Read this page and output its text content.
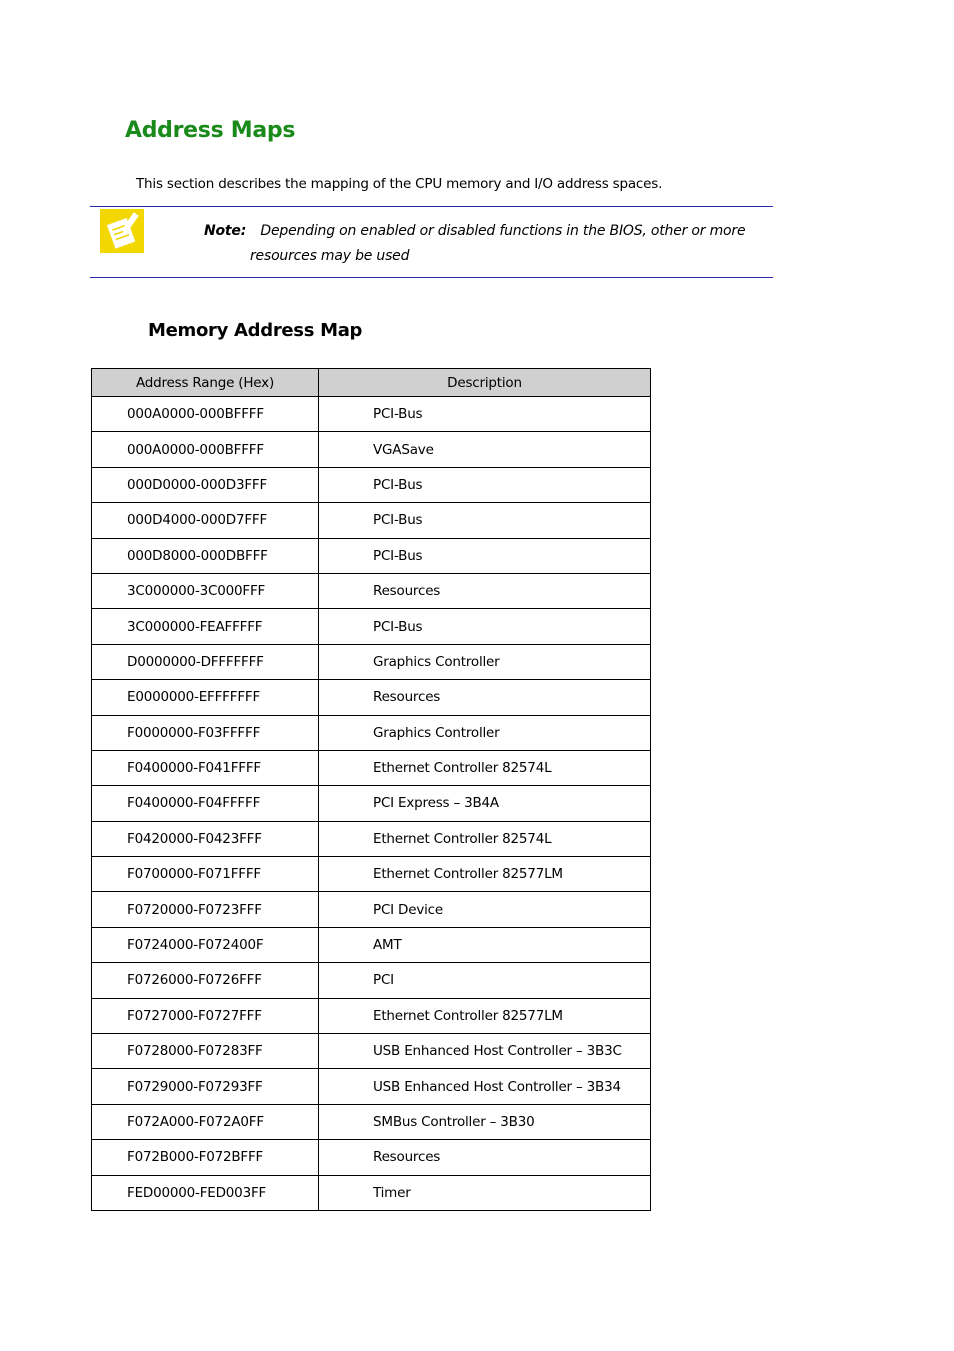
Address Maps

This section describes the mapping of the CPU memory and I/O address spaces.

Note: Depending on enabled or disabled functions in the BIOS, other or more
resources may be used
Memory Address Map
Address Range (Hex)	Description
000A0000-000BFFFF	PCI-Bus
000A0000-000BFFFF	VGASave
000D0000-000D3FFF	PCI-Bus
000D4000-000D7FFF	PCI-Bus
000D8000-000DBFFF	PCI-Bus
3C000000-3C000FFF	Resources
3C000000-FEAFFFFF	PCI-Bus
D0000000-DFFFFFFF	Graphics Controller
E0000000-EFFFFFFF	Resources
F0000000-F03FFFFF	Graphics Controller
F0400000-F041FFFF	Ethernet Controller 82574L
F0400000-F04FFFFF	PCI Express – 3B4A
F0420000-F0423FFF	Ethernet Controller 82574L
F0700000-F071FFFF	Ethernet Controller 82577LM
F0720000-F0723FFF	PCI Device
F0724000-F072400F	AMT
F0726000-F0726FFF	PCI
F0727000-F0727FFF	Ethernet Controller 82577LM
F0728000-F07283FF	USB Enhanced Host Controller – 3B3C
F0729000-F07293FF	USB Enhanced Host Controller – 3B34
F072A000-F072A0FF	SMBus Controller – 3B30
F072B000-F072BFFF	Resources
FED00000-FED003FF	Timer
